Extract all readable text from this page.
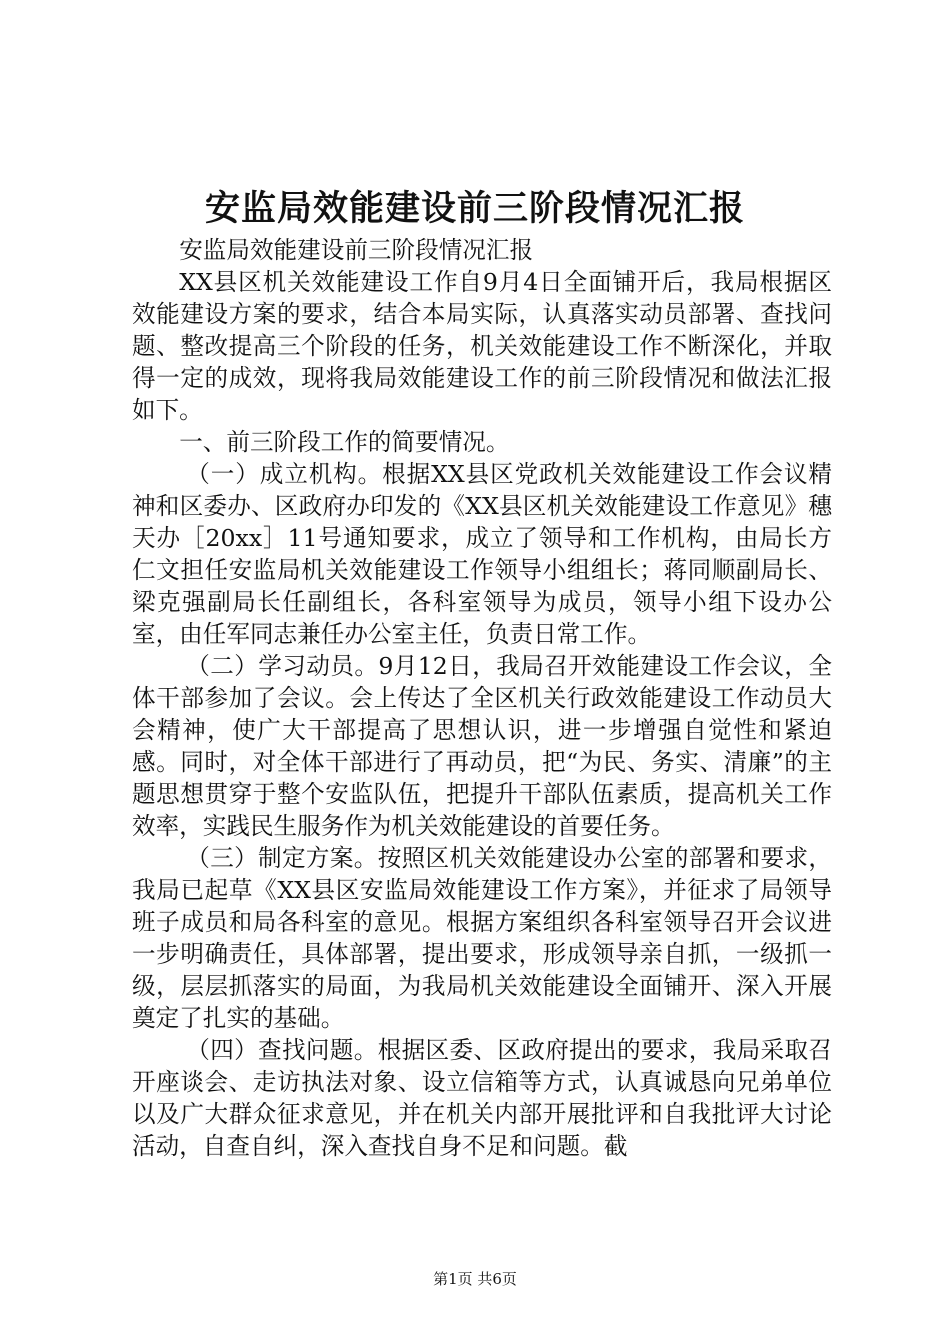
安监局效能建设前三阶段情况汇报

安监局效能建设前三阶段情况汇报

XX县区机关效能建设工作自9月4日全面铺开后，我局根据区效能建设方案的要求，结合本局实际，认真落实动员部署、查找问题、整改提高三个阶段的任务，机关效能建设工作不断深化，并取得一定的成效，现将我局效能建设工作的前三阶段情况和做法汇报如下。

一、前三阶段工作的简要情况。

（一）成立机构。根据XX县区党政机关效能建设工作会议精神和区委办、区政府办印发的《XX县区机关效能建设工作意见》穗天办［20xx］11号通知要求，成立了领导和工作机构，由局长方仁文担任安监局机关效能建设工作领导小组组长；蒋同顺副局长、梁克强副局长任副组长，各科室领导为成员，领导小组下设办公室，由任军同志兼任办公室主任，负责日常工作。

（二）学习动员。9月12日，我局召开效能建设工作会议，全体干部参加了会议。会上传达了全区机关行政效能建设工作动员大会精神，使广大干部提高了思想认识，进一步增强自觉性和紧迫感。同时，对全体干部进行了再动员，把“为民、务实、清廉”的主题思想贯穿于整个安监队伍，把提升干部队伍素质，提高机关工作效率，实践民生服务作为机关效能建设的首要任务。

（三）制定方案。按照区机关效能建设办公室的部署和要求，我局已起草《XX县区安监局效能建设工作方案》，并征求了局领导班子成员和局各科室的意见。根据方案组织各科室领导召开会议进一步明确责任，具体部署，提出要求，形成领导亲自抓，一级抓一级，层层抓落实的局面，为我局机关效能建设全面铺开、深入开展奠定了扎实的基础。

（四）查找问题。根据区委、区政府提出的要求，我局采取召开座谈会、走访执法对象、设立信箱等方式，认真诚恳向兄弟单位以及广大群众征求意见，并在机关内部开展批评和自我批评大讨论活动，自查自纠，深入查找自身不足和问题。截

第1页 共6页
